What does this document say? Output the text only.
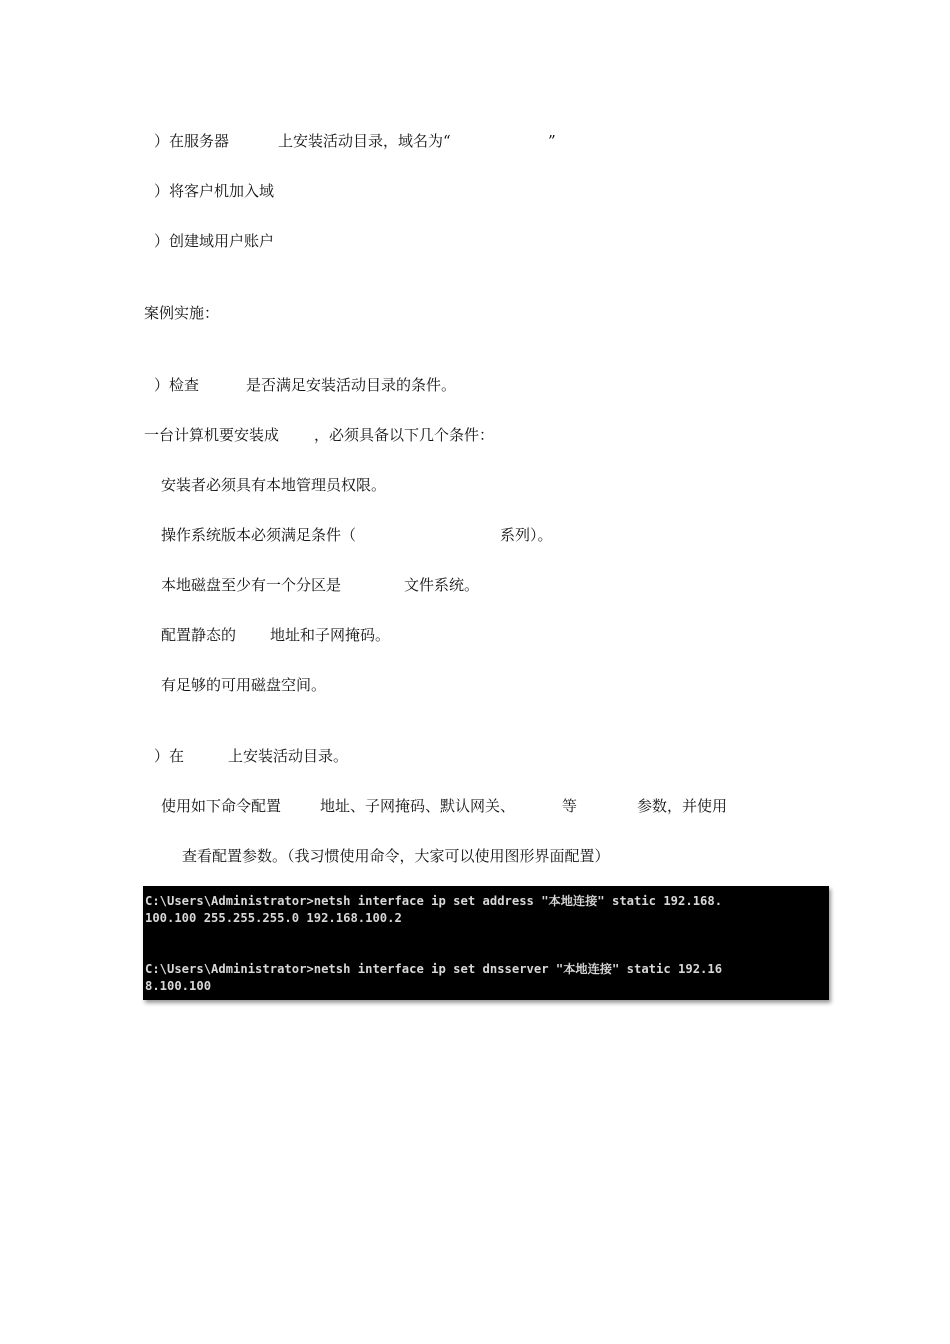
）在服务器	上安装活动目录，域名为“	”
）将客户机加入域
）创建域用户账户
案例实施：
）检查	是否满足安装活动目录的条件。
一台计算机要安装成 ，必须具备以下几个条件：
安装者必须具有本地管理员权限。
操作系统版本必须满足条件（	系列）。
本地磁盘至少有一个分区是	文件系统。
配置静态的 地址和子网掩码。
有足够的可用磁盘空间。
）在	上安装活动目录。
使用如下命令配置	地址、子网掩码、默认网关、	等	参数，并使用
查看配置参数。（我习惯使用命令，大家可以使用图形界面配置）
C:\Users\Administrator>netsh interface ip set address "本地连接" static 192.168.
100.100 255.255.255.0 192.168.100.2
C:\Users\Administrator>netsh interface ip set dnsserver "本地连接" static 192.16
8.100.100
